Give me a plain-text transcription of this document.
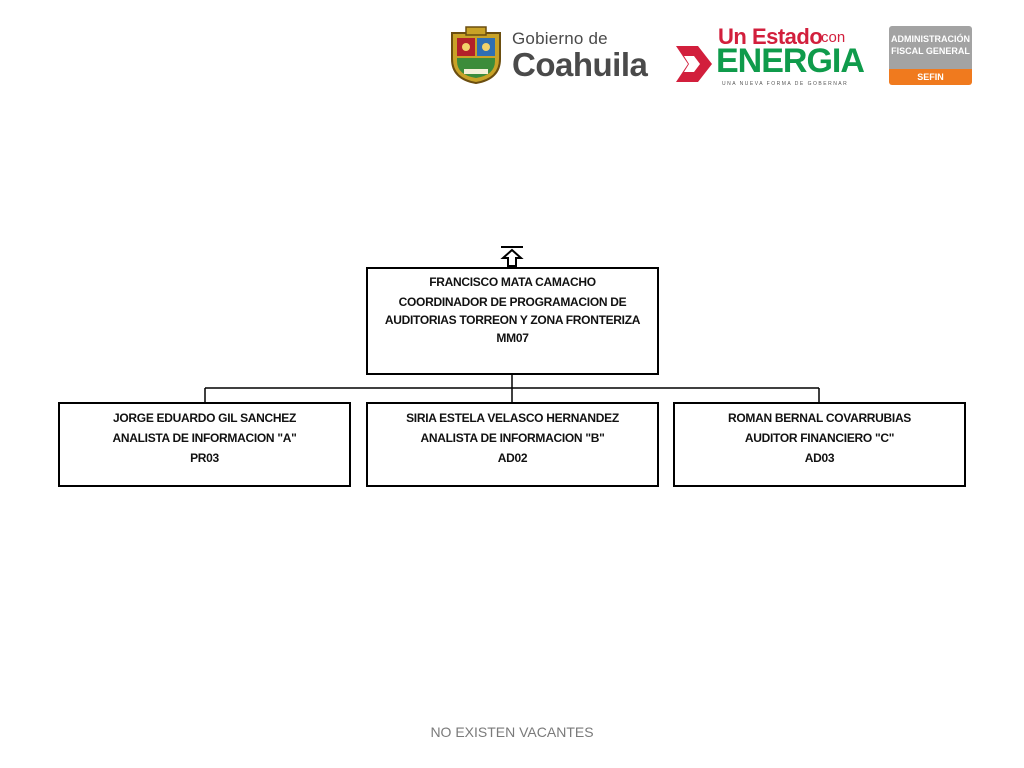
Gobierno de
Coahuila
Un Estado
con
ENERGIA
UNA NUEVA FORMA DE GOBERNAR
ADMINISTRACIÓN
FISCAL GENERAL
SEFIN
FRANCISCO MATA CAMACHO
COORDINADOR DE PROGRAMACION DE
AUDITORIAS TORREON Y ZONA FRONTERIZA
MM07
JORGE EDUARDO GIL SANCHEZ
ANALISTA DE INFORMACION "A"
PR03
SIRIA ESTELA VELASCO HERNANDEZ
ANALISTA DE INFORMACION "B"
AD02
ROMAN BERNAL COVARRUBIAS
AUDITOR FINANCIERO "C"
AD03
NO EXISTEN VACANTES
